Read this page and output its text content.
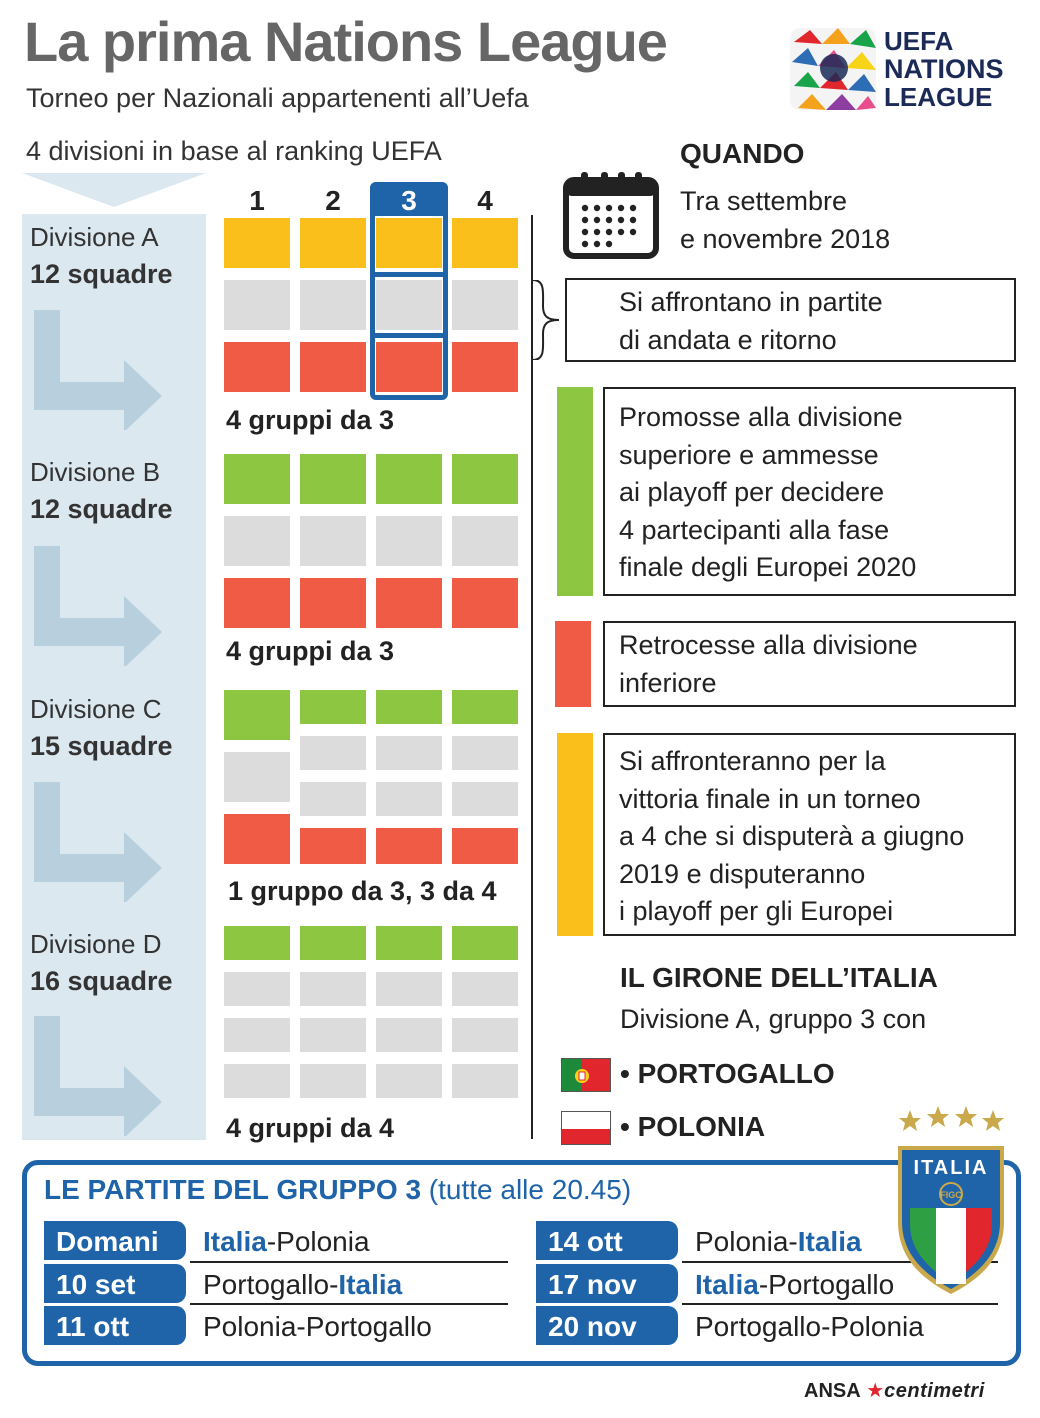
La prima Nations League
Torneo per Nazionali appartenenti all’Uefa
UEFA
NATIONS
LEAGUE
4 divisioni in base al ranking UEFA
Divisione A
12 squadre
Divisione B
12 squadre
Divisione C
15 squadre
Divisione D
16 squadre
1	2	3	4
4 gruppi da 3
4 gruppi da 3
1 gruppo da 3, 3 da 4
4 gruppi da 4
QUANDO
Tra settembre
e novembre 2018
Si affrontano in partite
di andata e ritorno
Promosse alla divisione
superiore e ammesse
ai playoff per decidere
4 partecipanti alla fase
finale degli Europei 2020
Retrocesse alla divisione
inferiore
Si affronteranno per la
vittoria finale in un torneo
a 4 che si disputerà a giugno
2019 e disputeranno
i playoff per gli Europei
IL GIRONE DELL’ITALIA
Divisione A, gruppo 3 con
• PORTOGALLO
• POLONIA
LE PARTITE DEL GRUPPO 3 (tutte alle 20.45)
Domani	Italia-Polonia
10 set	Portogallo-Italia
11 ott	Polonia-Portogallo
14 ott	Polonia-Italia
17 nov	Italia-Portogallo
20 nov	Portogallo-Polonia
ITALIA
FIGC
ANSA ★centimetri
